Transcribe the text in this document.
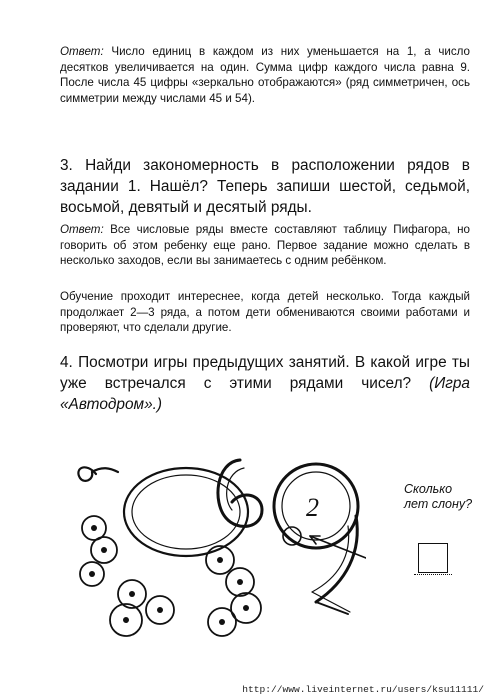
Ответ: Число единиц в каждом из них уменьшается на 1, а число десятков увеличивается на один. Сумма цифр каждого числа равна 9. После числа 45 цифры «зеркально отображаются» (ряд симметричен, ось симметрии между числами 45 и 54).

3. Найди закономерность в расположении рядов в задании 1. Нашёл? Теперь запиши шестой, седьмой, восьмой, девятый и десятый ряды.

Ответ: Все числовые ряды вместе составляют таблицу Пифагора, но говорить об этом ребенку еще рано. Первое задание можно сделать в несколько заходов, если вы занимаетесь с одним ребёнком.

Обучение проходит интереснее, когда детей несколько. Тогда каждый продолжает 2—3 ряда, а потом дети обмениваются своими работами и проверяют, что сделали другие.

4. Посмотри игры предыдущих занятий. В какой игре ты уже встречался с этими рядами чисел? (Игра «Автодром».)

2
Сколько лет слону?
http://www.liveinternet.ru/users/ksu11111/
